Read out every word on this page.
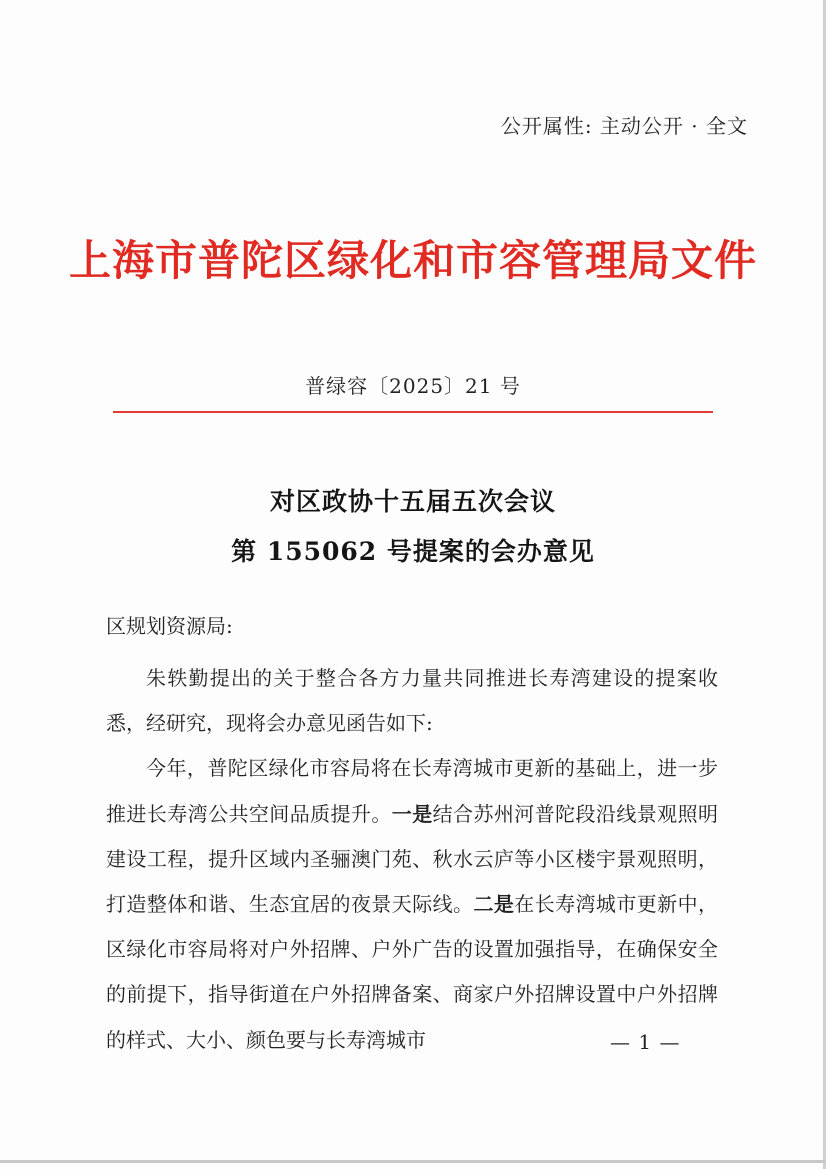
公开属性: 主动公开 · 全文
上海市普陀区绿化和市容管理局文件
普绿容〔2025〕21 号
对区政协十五届五次会议
第 155062 号提案的会办意见
区规划资源局:

朱轶勤提出的关于整合各方力量共同推进长寿湾建设的提案收悉，经研究，现将会办意见函告如下:

今年，普陀区绿化市容局将在长寿湾城市更新的基础上，进一步推进长寿湾公共空间品质提升。一是结合苏州河普陀段沿线景观照明建设工程，提升区域内圣骊澳门苑、秋水云庐等小区楼宇景观照明，打造整体和谐、生态宜居的夜景天际线。二是在长寿湾城市更新中，区绿化市容局将对户外招牌、户外广告的设置加强指导，在确保安全的前提下，指导街道在户外招牌备案、商家户外招牌设置中户外招牌的样式、大小、颜色要与长寿湾城市	— 1 —
